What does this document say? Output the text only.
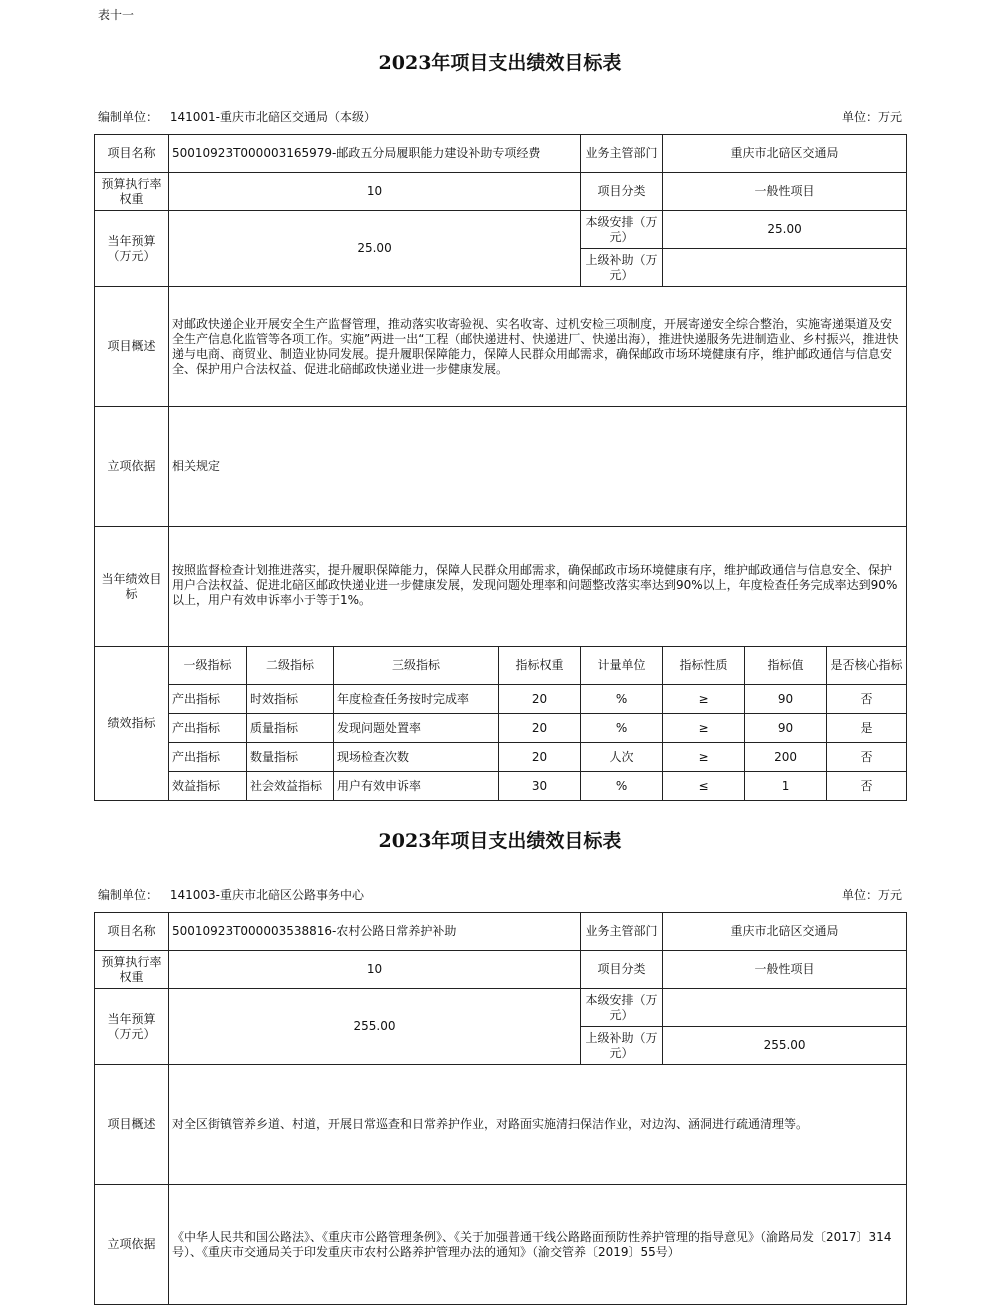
表十一
2023年项目支出绩效目标表
编制单位： 141001-重庆市北碚区交通局（本级）	单位：万元
项目名称	50010923T000003165979-邮政五分局履职能力建设补助专项经费				业务主管部门	重庆市北碚区交通局		
预算执行率权重	10				项目分类	一般性项目		
当年预算（万元）	25.00				本级安排（万元）	25.00		
					上级补助（万元）			
项目概述	对邮政快递企业开展安全生产监督管理，推动落实收寄验视、实名收寄、过机安检三项制度，开展寄递安全综合整治，实施寄递渠道及安全生产信息化监管等各项工作。实施”两进一出“工程（邮快递进村、快递进厂、快递出海），推进快递服务先进制造业、乡村振兴，推进快递与电商、商贸业、制造业协同发展。提升履职保障能力，保障人民群众用邮需求，确保邮政市场环境健康有序，维护邮政通信与信息安全、保护用户合法权益、促进北碚邮政快递业进一步健康发展。							
立项依据	相关规定							
当年绩效目标	按照监督检查计划推进落实，提升履职保障能力，保障人民群众用邮需求，确保邮政市场环境健康有序，维护邮政通信与信息安全、保护用户合法权益、促进北碚区邮政快递业进一步健康发展，发现问题处理率和问题整改落实率达到90%以上，年度检查任务完成率达到90%以上，用户有效申诉率小于等于1%。							
绩效指标	一级指标	二级指标	三级指标	指标权重	计量单位	指标性质	指标值	是否核心指标
	产出指标	时效指标	年度检查任务按时完成率	20	%	≥	90	否
	产出指标	质量指标	发现问题处置率	20	%	≥	90	是
	产出指标	数量指标	现场检查次数	20	人次	≥	200	否
	效益指标	社会效益指标	用户有效申诉率	30	%	≤	1	否
2023年项目支出绩效目标表
编制单位： 141003-重庆市北碚区公路事务中心	单位：万元
项目名称	50010923T000003538816-农村公路日常养护补助	业务主管部门	重庆市北碚区交通局
预算执行率权重	10	项目分类	一般性项目
当年预算（万元）	255.00	本级安排（万元）	
		上级补助（万元）	255.00
项目概述	对全区街镇管养乡道、村道，开展日常巡查和日常养护作业，对路面实施清扫保洁作业，对边沟、涵洞进行疏通清理等。		
立项依据	《中华人民共和国公路法》、《重庆市公路管理条例》、《关于加强普通干线公路路面预防性养护管理的指导意见》（渝路局发〔2017〕314号）、《重庆市交通局关于印发重庆市农村公路养护管理办法的通知》（渝交管养〔2019〕55号）		
